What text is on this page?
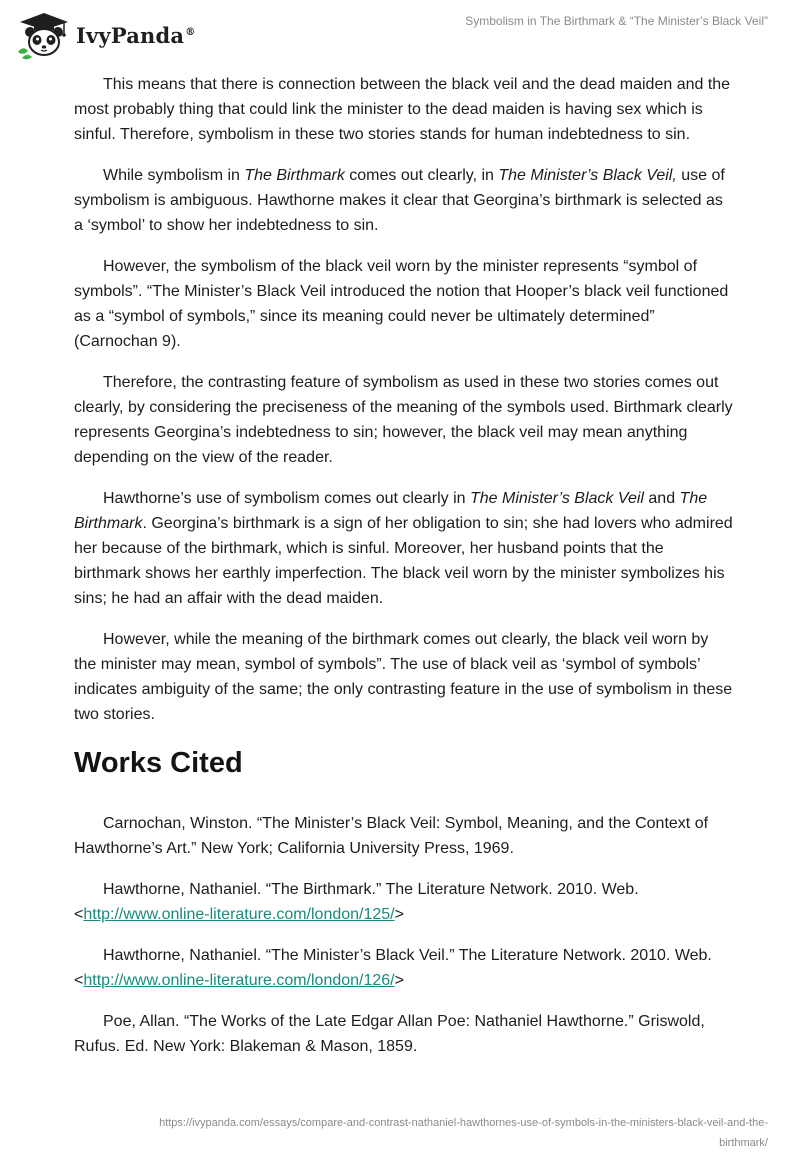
IvyPanda®
Symbolism in The Birthmark & “The Minister’s Black Veil”

This means that there is connection between the black veil and the dead maiden and the most probably thing that could link the minister to the dead maiden is having sex which is sinful. Therefore, symbolism in these two stories stands for human indebtedness to sin.

While symbolism in The Birthmark comes out clearly, in The Minister’s Black Veil, use of symbolism is ambiguous. Hawthorne makes it clear that Georgina’s birthmark is selected as a ‘symbol’ to show her indebtedness to sin.

However, the symbolism of the black veil worn by the minister represents “symbol of symbols”. “The Minister’s Black Veil introduced the notion that Hooper’s black veil functioned as a “symbol of symbols,” since its meaning could never be ultimately determined” (Carnochan 9).

Therefore, the contrasting feature of symbolism as used in these two stories comes out clearly, by considering the preciseness of the meaning of the symbols used. Birthmark clearly represents Georgina’s indebtedness to sin; however, the black veil may mean anything depending on the view of the reader.

Hawthorne’s use of symbolism comes out clearly in The Minister’s Black Veil and The Birthmark. Georgina’s birthmark is a sign of her obligation to sin; she had lovers who admired her because of the birthmark, which is sinful. Moreover, her husband points that the birthmark shows her earthly imperfection. The black veil worn by the minister symbolizes his sins; he had an affair with the dead maiden.

However, while the meaning of the birthmark comes out clearly, the black veil worn by the minister may mean, symbol of symbols”. The use of black veil as ‘symbol of symbols’ indicates ambiguity of the same; the only contrasting feature in the use of symbolism in these two stories.

Works Cited

Carnochan, Winston. “The Minister’s Black Veil: Symbol, Meaning, and the Context of Hawthorne’s Art.” New York; California University Press, 1969.

Hawthorne, Nathaniel. “The Birthmark.” The Literature Network. 2010. Web. <http://www.online-literature.com/london/125/>

Hawthorne, Nathaniel. “The Minister’s Black Veil.” The Literature Network. 2010. Web. <http://www.online-literature.com/london/126/>

Poe, Allan. “The Works of the Late Edgar Allan Poe: Nathaniel Hawthorne.” Griswold, Rufus. Ed. New York: Blakeman & Mason, 1859.

https://ivypanda.com/essays/compare-and-contrast-nathaniel-hawthornes-use-of-symbols-in-the-ministers-black-veil-and-the-
birthmark/
